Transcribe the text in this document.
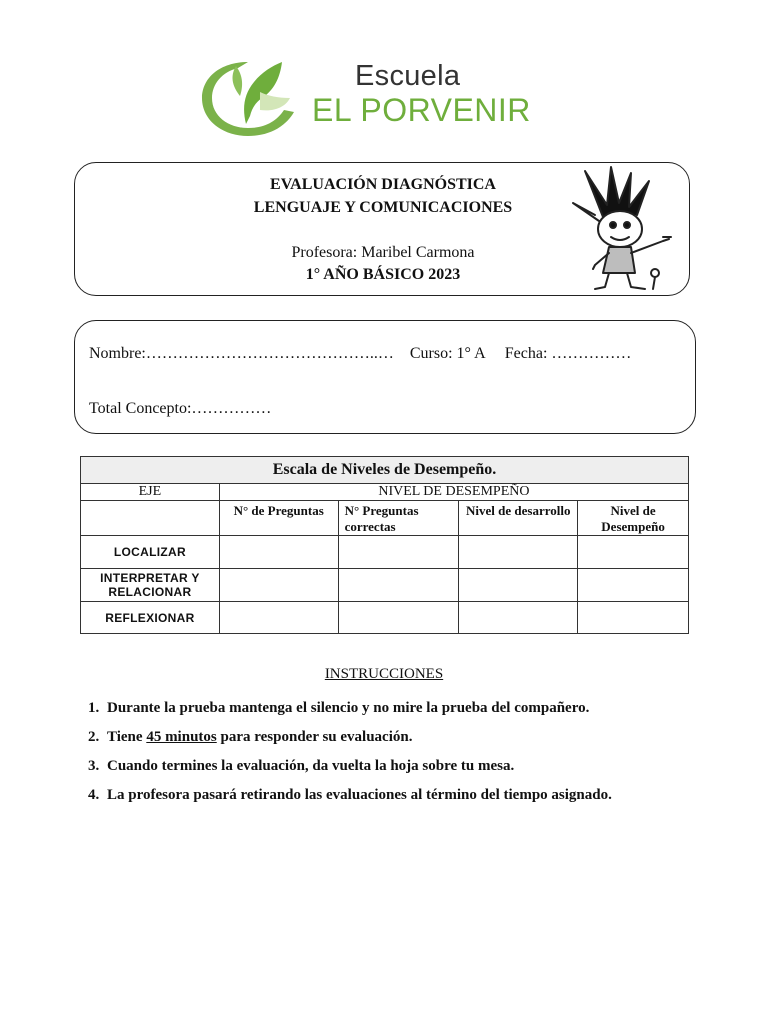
Escuela
EL PORVENIR
EVALUACIÓN DIAGNÓSTICA
LENGUAJE Y COMUNICACIONES
Profesora: Maribel Carmona
1° AÑO BÁSICO 2023
Nombre:……………………………………..… Curso: 1° A Fecha: ……………
Total Concepto:……………
Escala de Niveles de Desempeño.				
EJE	NIVEL DE DESEMPEÑO			

	N° de Preguntas	N° Preguntas correctas	Nivel de desarrollo	Nivel de Desempeño

LOCALIZAR				
INTERPRETAR Y RELACIONAR				
REFLEXIONAR				
INSTRUCCIONES
1. Durante la prueba mantenga el silencio y no mire la prueba del compañero.
2. Tiene 45 minutos para responder su evaluación.
3. Cuando termines la evaluación, da vuelta la hoja sobre tu mesa.
4. La profesora pasará retirando las evaluaciones al término del tiempo asignado.
